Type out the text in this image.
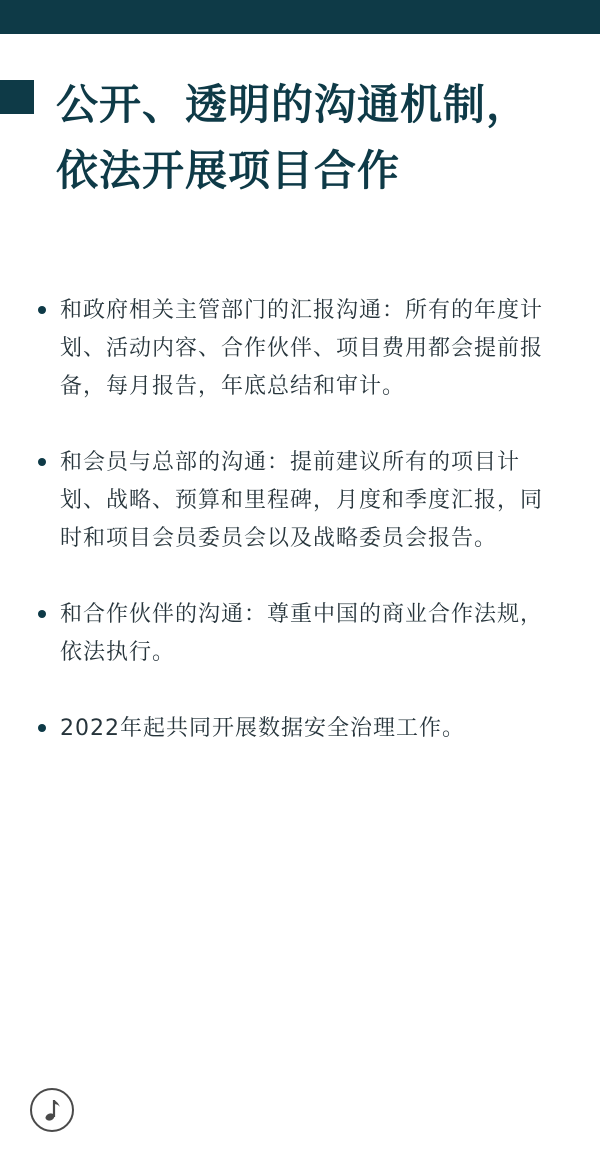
公开、透明的沟通机制，
依法开展项目合作
和政府相关主管部门的汇报沟通：所有的年度计划、活动内容、合作伙伴、项目费用都会提前报备，每月报告，年底总结和审计。
和会员与总部的沟通：提前建议所有的项目计划、战略、预算和里程碑，月度和季度汇报，同时和项目会员委员会以及战略委员会报告。
和合作伙伴的沟通：尊重中国的商业合作法规，依法执行。
2022年起共同开展数据安全治理工作。
